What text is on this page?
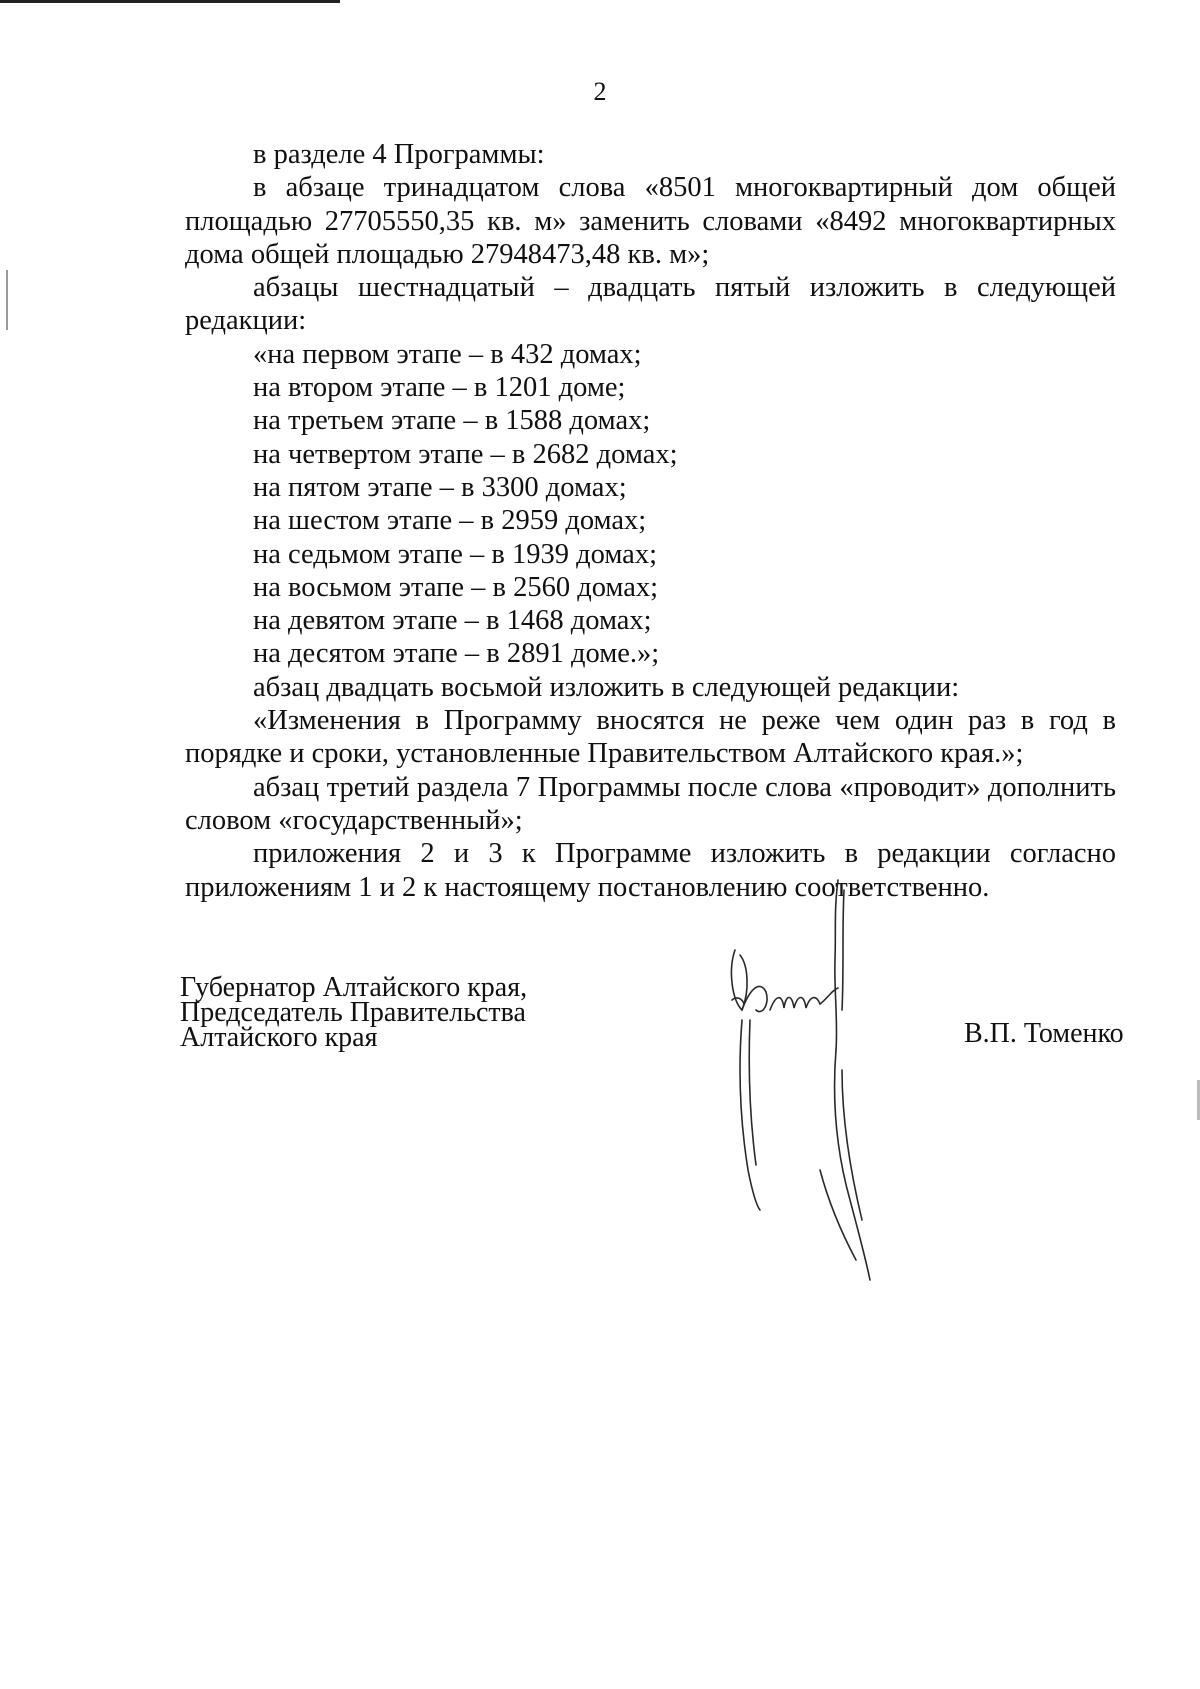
2

в разделе 4 Программы:

в абзаце тринадцатом слова «8501 многоквартирный дом общей площадью 27705550,35 кв. м» заменить словами «8492 многоквартирных дома общей площадью 27948473,48 кв. м»;

абзацы шестнадцатый – двадцать пятый изложить в следующей редакции:

«на первом этапе – в 432 домах;

на втором этапе – в 1201 доме;

на третьем этапе – в 1588 домах;

на четвертом этапе – в 2682 домах;

на пятом этапе – в 3300 домах;

на шестом этапе – в 2959 домах;

на седьмом этапе – в 1939 домах;

на восьмом этапе – в 2560 домах;

на девятом этапе – в 1468 домах;

на десятом этапе – в 2891 доме.»;

абзац двадцать восьмой изложить в следующей редакции:

«Изменения в Программу вносятся не реже чем один раз в год в порядке и сроки, установленные Правительством Алтайского края.»;

абзац третий раздела 7 Программы после слова «проводит» дополнить словом «государственный»;

приложения 2 и 3 к Программе изложить в редакции согласно приложениям 1 и 2 к настоящему постановлению соответственно.

Губернатор Алтайского края,
Председатель Правительства
Алтайского края	В.П. Томенко
